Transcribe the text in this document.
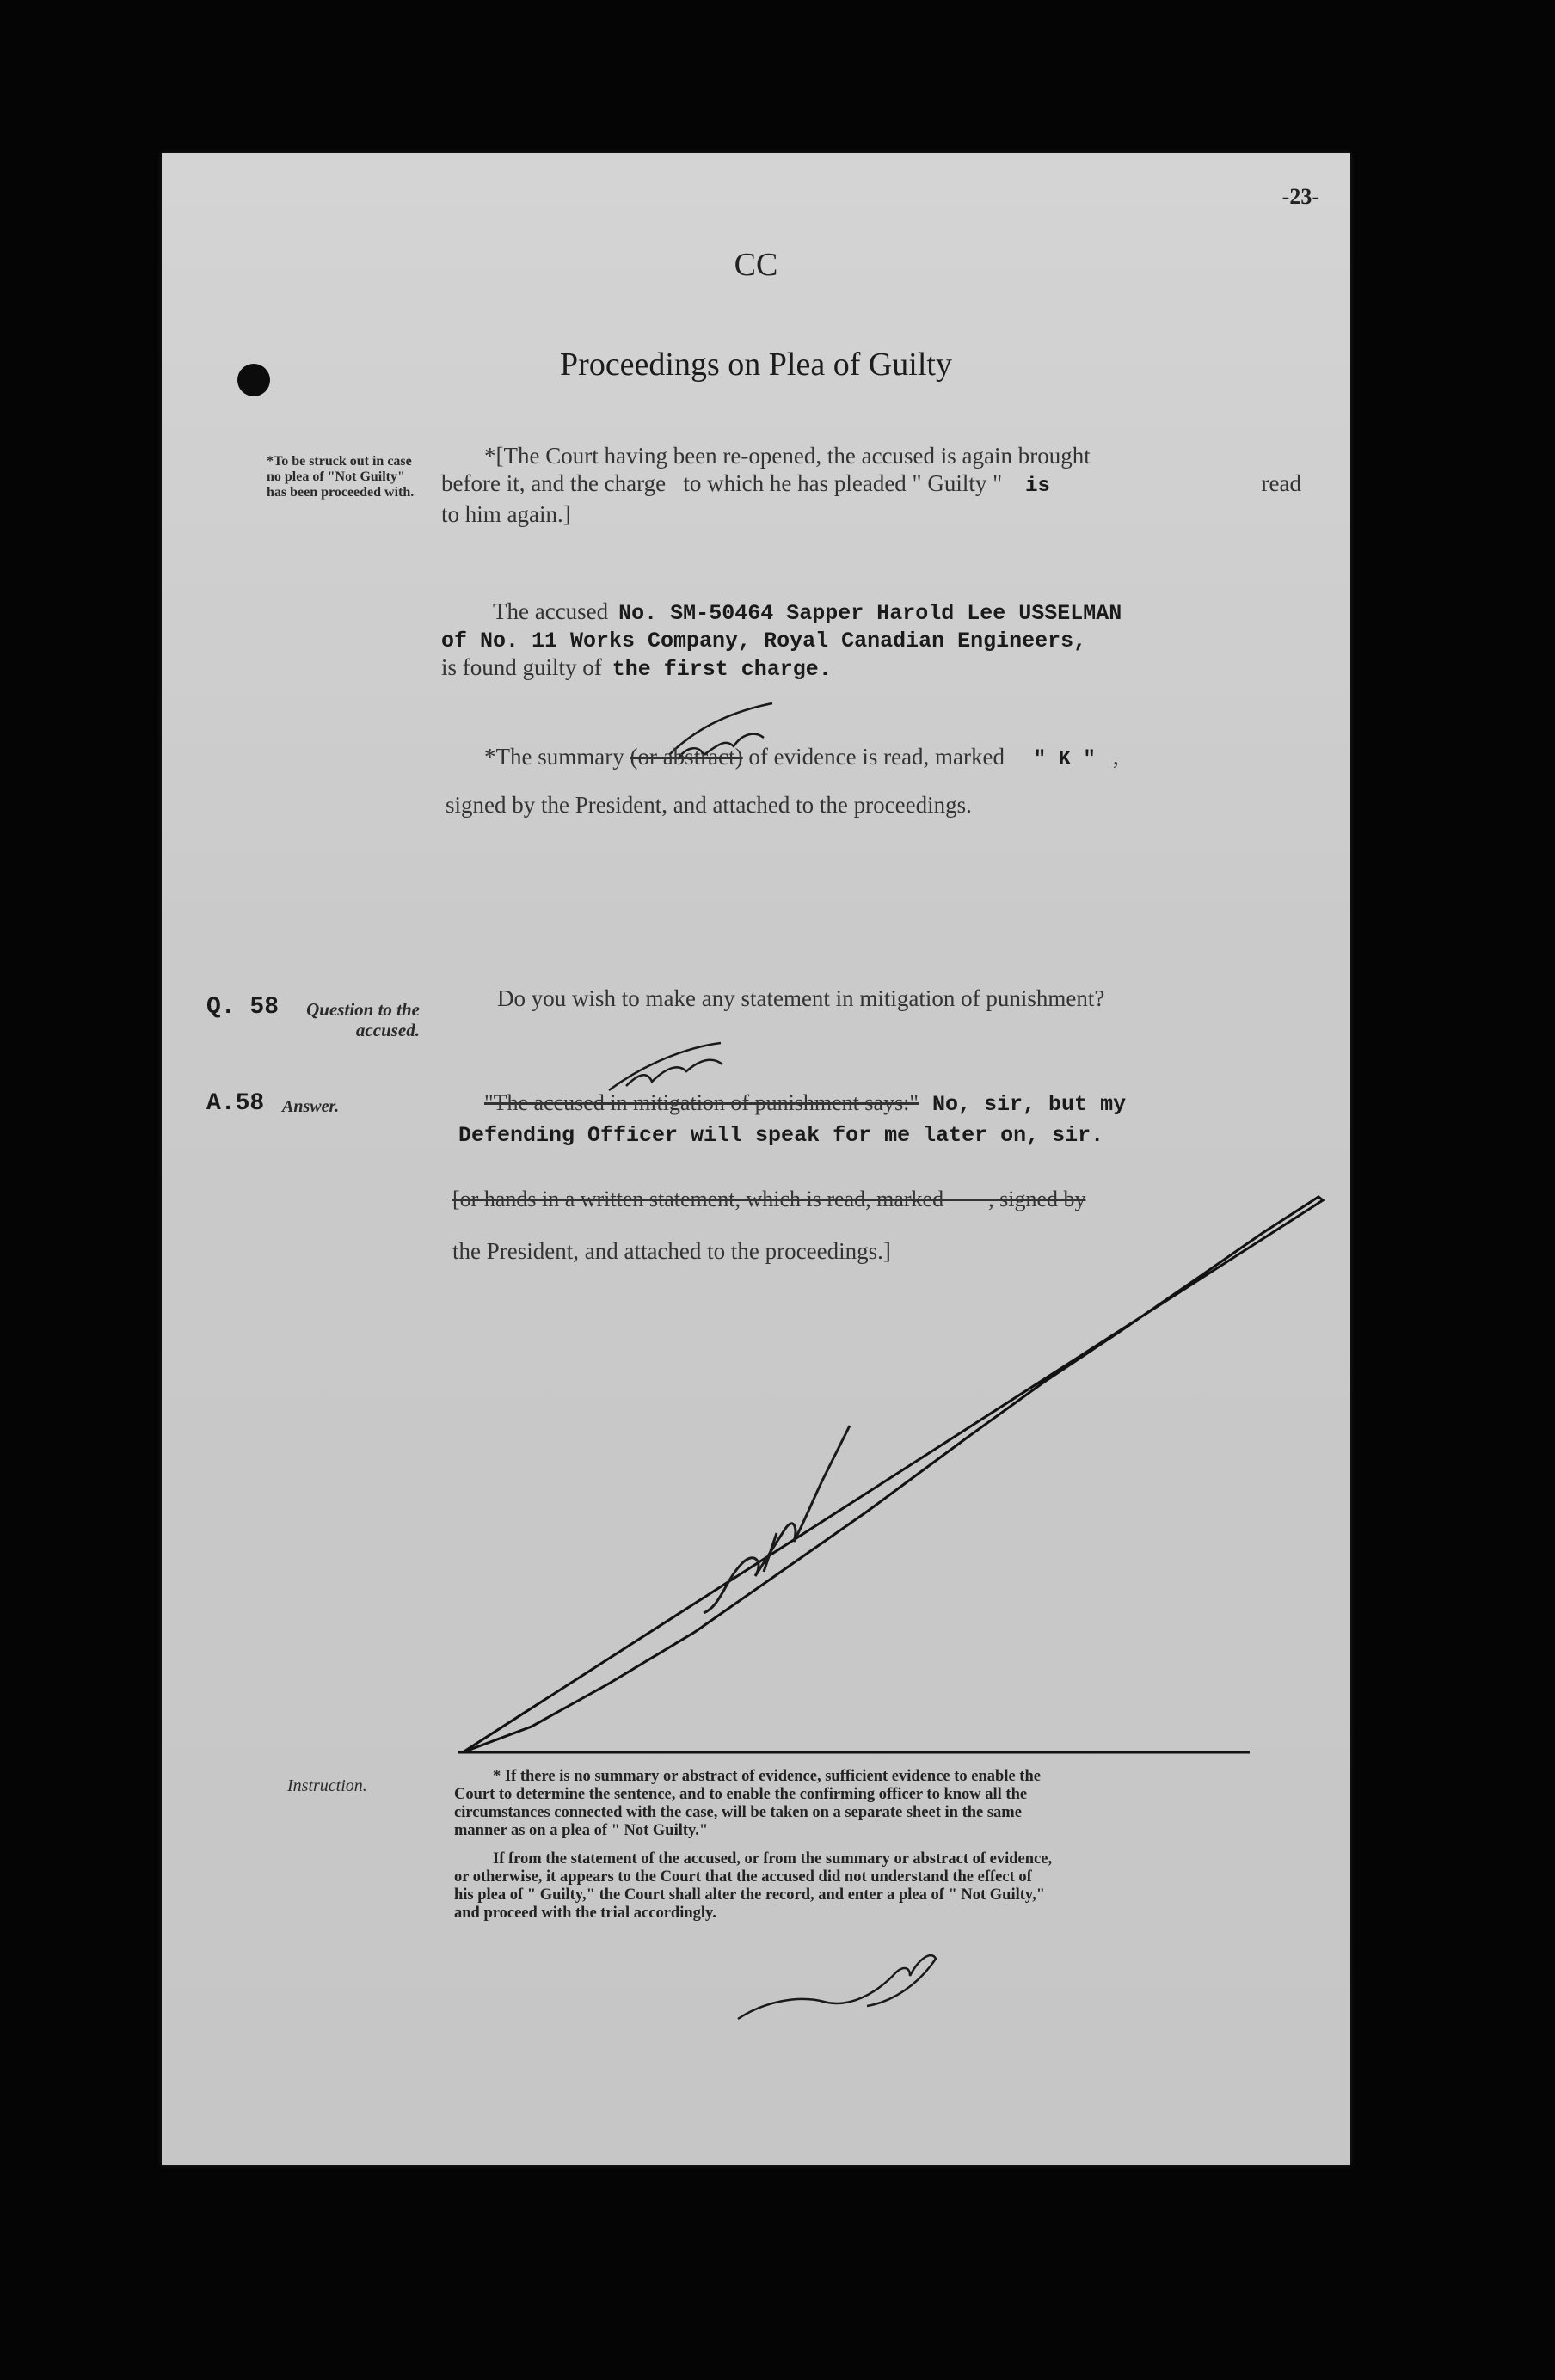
-23-
CC
Proceedings on Plea of Guilty
*To be struck out in case no plea of "Not Guilty" has been proceeded with.
*[The Court having been re-opened, the accused is again brought
before it, and the charge to which he has pleaded " Guilty " is	read
to him again.]
The accused No. SM-50464 Sapper Harold Lee USSELMAN
of No. 11 Works Company, Royal Canadian Engineers,
is found guilty of the first charge.
*The summary (or abstract) of evidence is read, marked " K " ,
signed by the President, and attached to the proceedings.
Q. 58	Question to the accused.
Do you wish to make any statement in mitigation of punishment?
A.58 Answer.	"The accused in mitigation of punishment says:" No, sir, but my
Defending Officer will speak for me later on, sir.
[or hands in a written statement, which is read, marked        , signed by
the President, and attached to the proceedings.]
Instruction.	* If there is no summary or abstract of evidence, sufficient evidence to enable the
Court to determine the sentence, and to enable the confirming officer to know all the
circumstances connected with the case, will be taken on a separate sheet in the same
manner as on a plea of " Not Guilty."
If from the statement of the accused, or from the summary or abstract of evidence,
or otherwise, it appears to the Court that the accused did not understand the effect of
his plea of " Guilty," the Court shall alter the record, and enter a plea of " Not Guilty,"
and proceed with the trial accordingly.
